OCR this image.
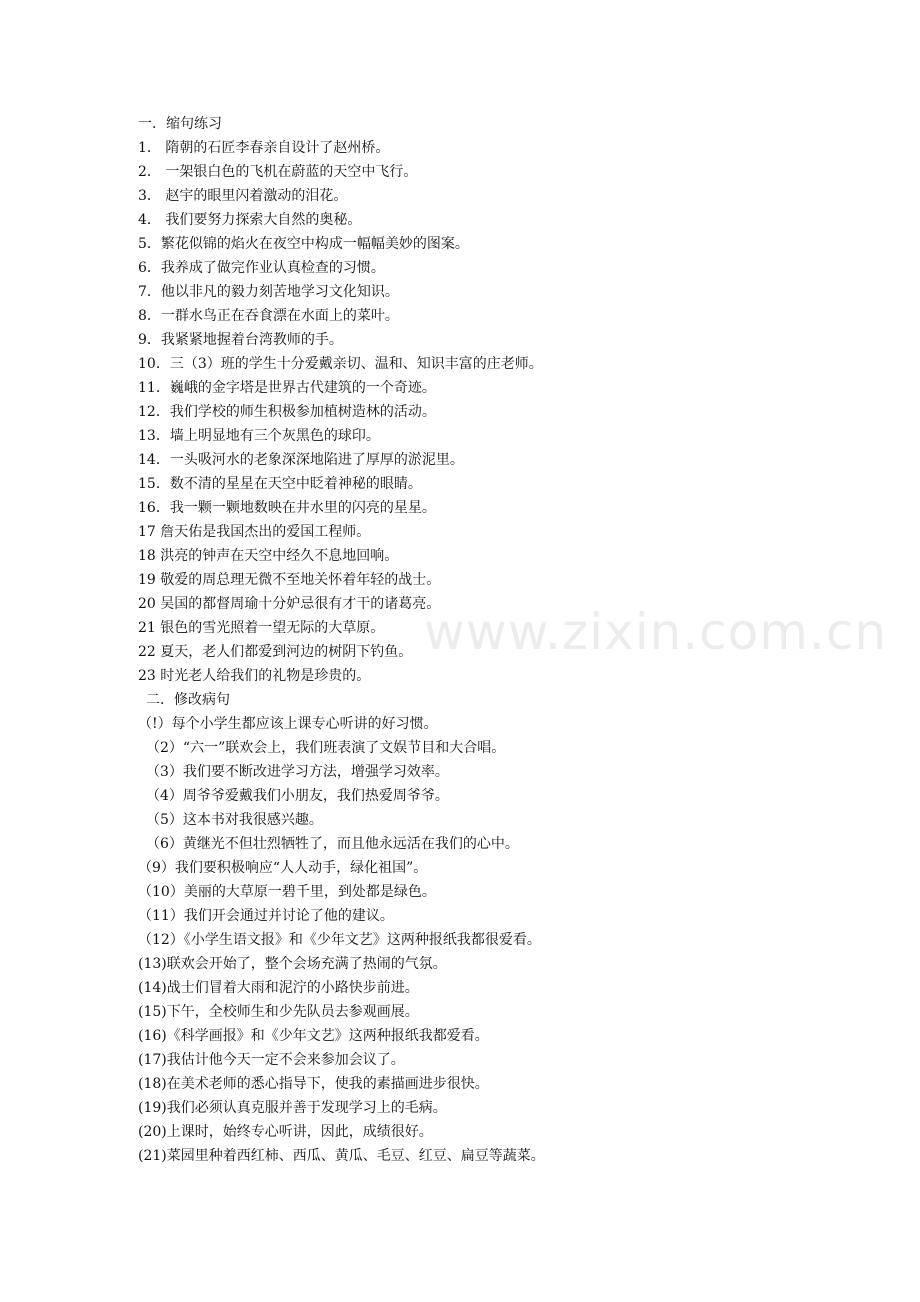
www.zixin.com.cn
一．缩句练习
1． 隋朝的石匠李春亲自设计了赵州桥。
2． 一架银白色的飞机在蔚蓝的天空中飞行。
3． 赵宇的眼里闪着激动的泪花。
4． 我们要努力探索大自然的奥秘。
5．繁花似锦的焰火在夜空中构成一幅幅美妙的图案。
6．我养成了做完作业认真检查的习惯。
7．他以非凡的毅力刻苦地学习文化知识。
8．一群水鸟正在吞食漂在水面上的菜叶。
9．我紧紧地握着台湾教师的手。
10．三（3）班的学生十分爱戴亲切、温和、知识丰富的庄老师。
11．巍峨的金字塔是世界古代建筑的一个奇迹。
12．我们学校的师生积极参加植树造林的活动。
13．墙上明显地有三个灰黑色的球印。
14．一头吸河水的老象深深地陷进了厚厚的淤泥里。
15．数不清的星星在天空中眨着神秘的眼睛。
16．我一颗一颗地数映在井水里的闪亮的星星。
17 詹天佑是我国杰出的爱国工程师。
18 洪亮的钟声在天空中经久不息地回响。
19 敬爱的周总理无微不至地关怀着年轻的战士。
20 吴国的都督周瑜十分妒忌很有才干的诸葛亮。
21 银色的雪光照着一望无际的大草原。
22 夏天，老人们都爱到河边的树阴下钓鱼。
23 时光老人给我们的礼物是珍贵的。
二．修改病句
（!）每个小学生都应该上课专心听讲的好习惯。
（2）“六一”联欢会上，我们班表演了文娱节目和大合唱。
（3）我们要不断改进学习方法，增强学习效率。
（4）周爷爷爱戴我们小朋友，我们热爱周爷爷。
（5）这本书对我很感兴趣。
（6）黄继光不但壮烈牺牲了，而且他永远活在我们的心中。
（9）我们要积极响应“人人动手，绿化祖国”。
（10）美丽的大草原一碧千里，到处都是绿色。
（11）我们开会通过并讨论了他的建议。
（12）《小学生语文报》和《少年文艺》这两种报纸我都很爱看。
(13)联欢会开始了，整个会场充满了热闹的气氛。
(14)战士们冒着大雨和泥泞的小路快步前进。
(15)下午，全校师生和少先队员去参观画展。
(16)《科学画报》和《少年文艺》这两种报纸我都爱看。
(17)我估计他今天一定不会来参加会议了。
(18)在美术老师的悉心指导下，使我的素描画进步很快。
(19)我们必须认真克服并善于发现学习上的毛病。
(20)上课时，始终专心听讲，因此，成绩很好。
(21)菜园里种着西红柿、西瓜、黄瓜、毛豆、红豆、扁豆等蔬菜。
